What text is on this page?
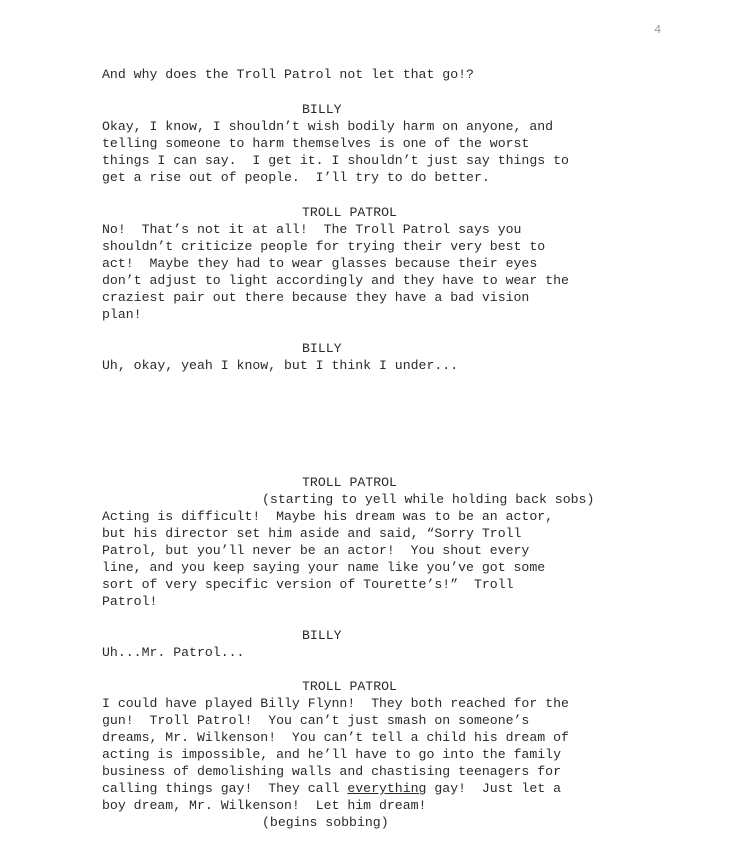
4
And why does the Troll Patrol not let that go!?
BILLY
Okay, I know, I shouldn’t wish bodily harm on anyone, and
telling someone to harm themselves is one of the worst
things I can say.  I get it. I shouldn’t just say things to
get a rise out of people.  I’ll try to do better.
TROLL PATROL
No!  That’s not it at all!  The Troll Patrol says you
shouldn’t criticize people for trying their very best to
act!  Maybe they had to wear glasses because their eyes
don’t adjust to light accordingly and they have to wear the
craziest pair out there because they have a bad vision
plan!
BILLY
Uh, okay, yeah I know, but I think I under...
TROLL PATROL
(starting to yell while holding back sobs)
Acting is difficult!  Maybe his dream was to be an actor,
but his director set him aside and said, “Sorry Troll
Patrol, but you’ll never be an actor!  You shout every
line, and you keep saying your name like you’ve got some
sort of very specific version of Tourette’s!”  Troll
Patrol!
BILLY
Uh...Mr. Patrol...
TROLL PATROL
I could have played Billy Flynn!  They both reached for the
gun!  Troll Patrol!  You can’t just smash on someone’s
dreams, Mr. Wilkenson!  You can’t tell a child his dream of
acting is impossible, and he’ll have to go into the family
business of demolishing walls and chastising teenagers for
calling things gay!  They call everything gay!  Just let a
boy dream, Mr. Wilkenson!  Let him dream!
(begins sobbing)
